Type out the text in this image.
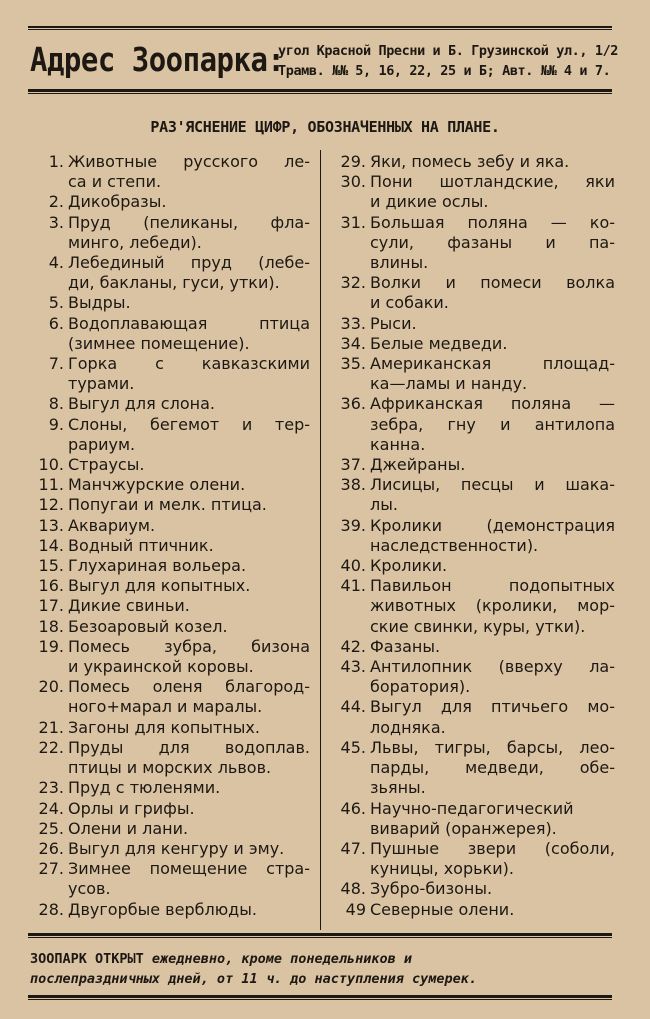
Адрес Зоопарка:
угол Красной Пресни и Б. Грузинской ул., 1/2
Трамв. №№ 5, 16, 22, 25 и Б; Авт. №№ 4 и 7.
РАЗ'ЯСНЕНИЕ ЦИФР, ОБОЗНАЧЕННЫХ НА ПЛАНЕ.
1. Животные русского ле-
са и степи.
2. Дикобразы.
3. Пруд (пеликаны, фла-
минго, лебеди).
4. Лебединый пруд (лебе-
ди, бакланы, гуси, утки).
5. Выдры.
6. Водоплавающая птица
(зимнее помещение).
7. Горка с кавказскими
турами.
8. Выгул для слона.
9. Слоны, бегемот и тер-
рариум.
10. Страусы.
11. Манчжурские олени.
12. Попугаи и мелк. птица.
13. Аквариум.
14. Водный птичник.
15. Глухариная вольера.
16. Выгул для копытных.
17. Дикие свиньи.
18. Безоаровый козел.
19. Помесь зубра, бизона
и украинской коровы.
20. Помесь оленя благород-
ного+марал и маралы.
21. Загоны для копытных.
22. Пруды для водоплав.
птицы и морских львов.
23. Пруд с тюленями.
24. Орлы и грифы.
25. Олени и лани.
26. Выгул для кенгуру и эму.
27. Зимнее помещение стра-
усов.
28. Двугорбые верблюды.
29. Яки, помесь зебу и яка.
30. Пони шотландские, яки
и дикие ослы.
31. Большая поляна — ко-
сули, фазаны и па-
влины.
32. Волки и помеси волка
и собаки.
33. Рыси.
34. Белые медведи.
35. Американская площад-
ка—ламы и нанду.
36. Африканская поляна —
зебра, гну и антилопа
канна.
37. Джейраны.
38. Лисицы, песцы и шака-
лы.
39. Кролики (демонстрация
наследственности).
40. Кролики.
41. Павильон подопытных
животных (кролики, мор-
ские свинки, куры, утки).
42. Фазаны.
43. Антилопник (вверху ла-
боратория).
44. Выгул для птичьего мо-
лодняка.
45. Львы, тигры, барсы, лео-
парды, медведи, обе-
зьяны.
46. Научно-педагогический
виварий (оранжерея).
47. Пушные звери (соболи,
куницы, хорьки).
48. Зубро-бизоны.
49 Северные олени.
ЗООПАРК ОТКРЫТ ежедневно, кроме понедельников и
послепраздничных дней, от 11 ч. до наступления сумерек.
